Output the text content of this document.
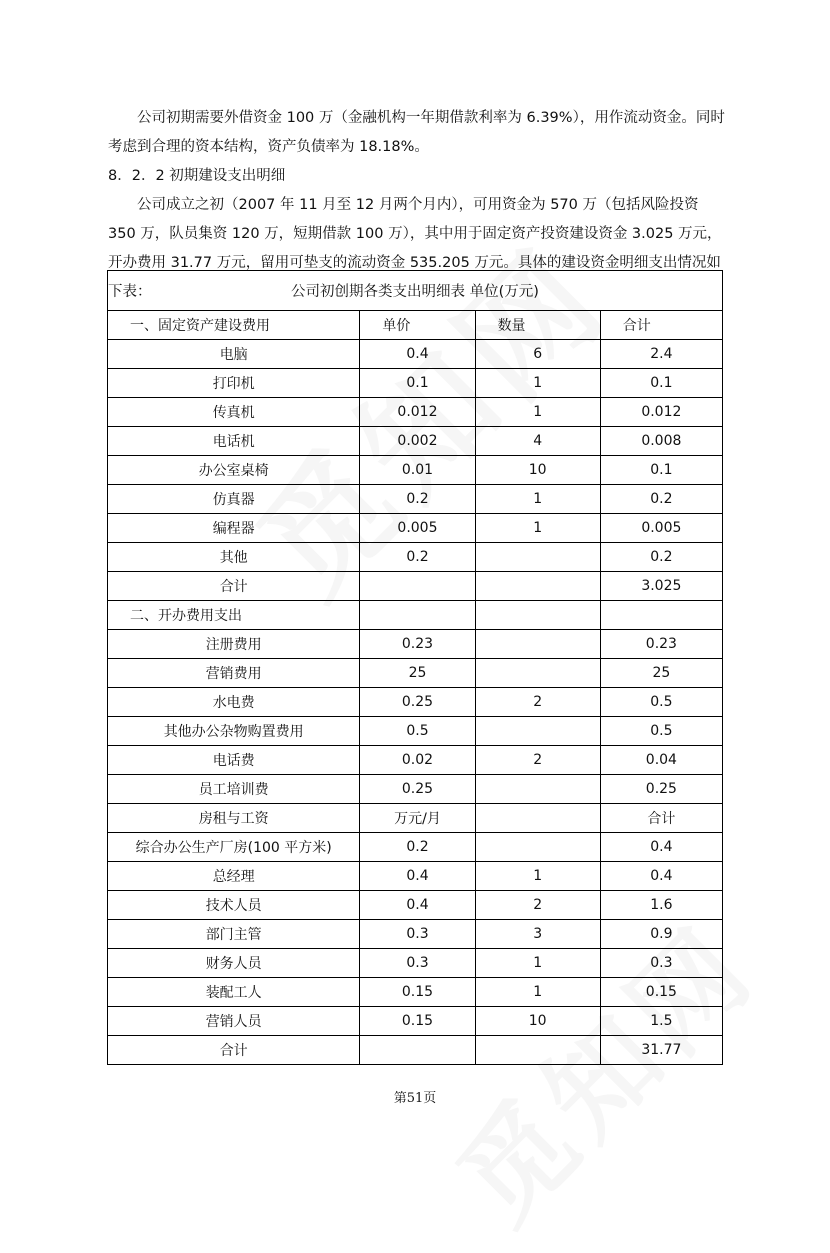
公司初期需要外借资金 100 万（金融机构一年期借款利率为 6.39%），用作流动资金。同时考虑到合理的资本结构，资产负债率为 18.18%。

8．2．2 初期建设支出明细

公司成立之初（2007 年 11 月至 12 月两个月内），可用资金为 570 万（包括风险投资 350 万，队员集资 120 万，短期借款 100 万），其中用于固定资产投资建设资金 3.025 万元，开办费用 31.77 万元，留用可垫支的流动资金 535.205 万元。具体的建设资金明细支出情况如下表：	公司初创期各类支出明细表 单位(万元)			
一、固定资产建设费用	单价	数量	合计
电脑	0.4	6	2.4
打印机	0.1	1	0.1
传真机	0.012	1	0.012
电话机	0.002	4	0.008
办公室桌椅	0.01	10	0.1
仿真器	0.2	1	0.2
编程器	0.005	1	0.005
其他	0.2		0.2
合计			3.025
二、开办费用支出			
注册费用	0.23		0.23
营销费用	25		25
水电费	0.25	2	0.5
其他办公杂物购置费用	0.5		0.5
电话费	0.02	2	0.04
员工培训费	0.25		0.25
房租与工资	万元/月		合计
综合办公生产厂房(100 平方米)	0.2		0.4
总经理	0.4	1	0.4
技术人员	0.4	2	1.6
部门主管	0.3	3	0.9
财务人员	0.3	1	0.3
装配工人	0.15	1	0.15
营销人员	0.15	10	1.5
合计			31.77
第51页
